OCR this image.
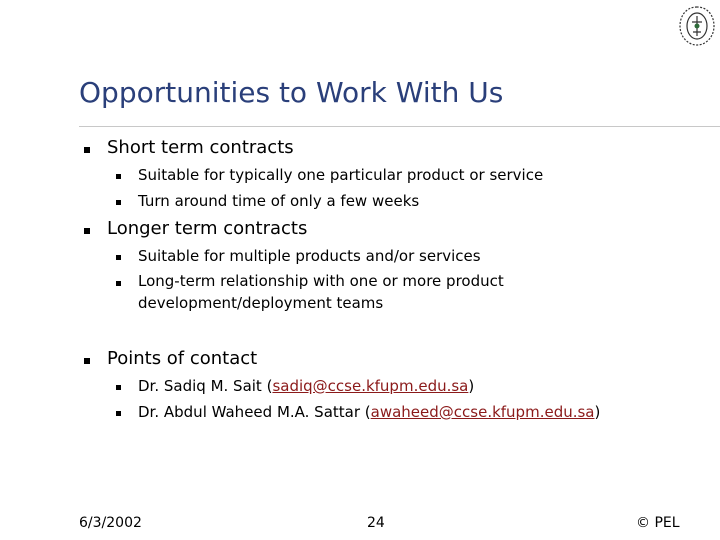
Opportunities to Work With Us
Short term contracts
Suitable for typically one particular product or service
Turn around time of only a few weeks
Longer term contracts
Suitable for multiple products and/or services
Long-term relationship with one or more product development/deployment teams
Points of contact
Dr. Sadiq M. Sait (sadiq@ccse.kfupm.edu.sa)
Dr. Abdul Waheed M.A. Sattar (awaheed@ccse.kfupm.edu.sa)
6/3/2002	24	© PEL
